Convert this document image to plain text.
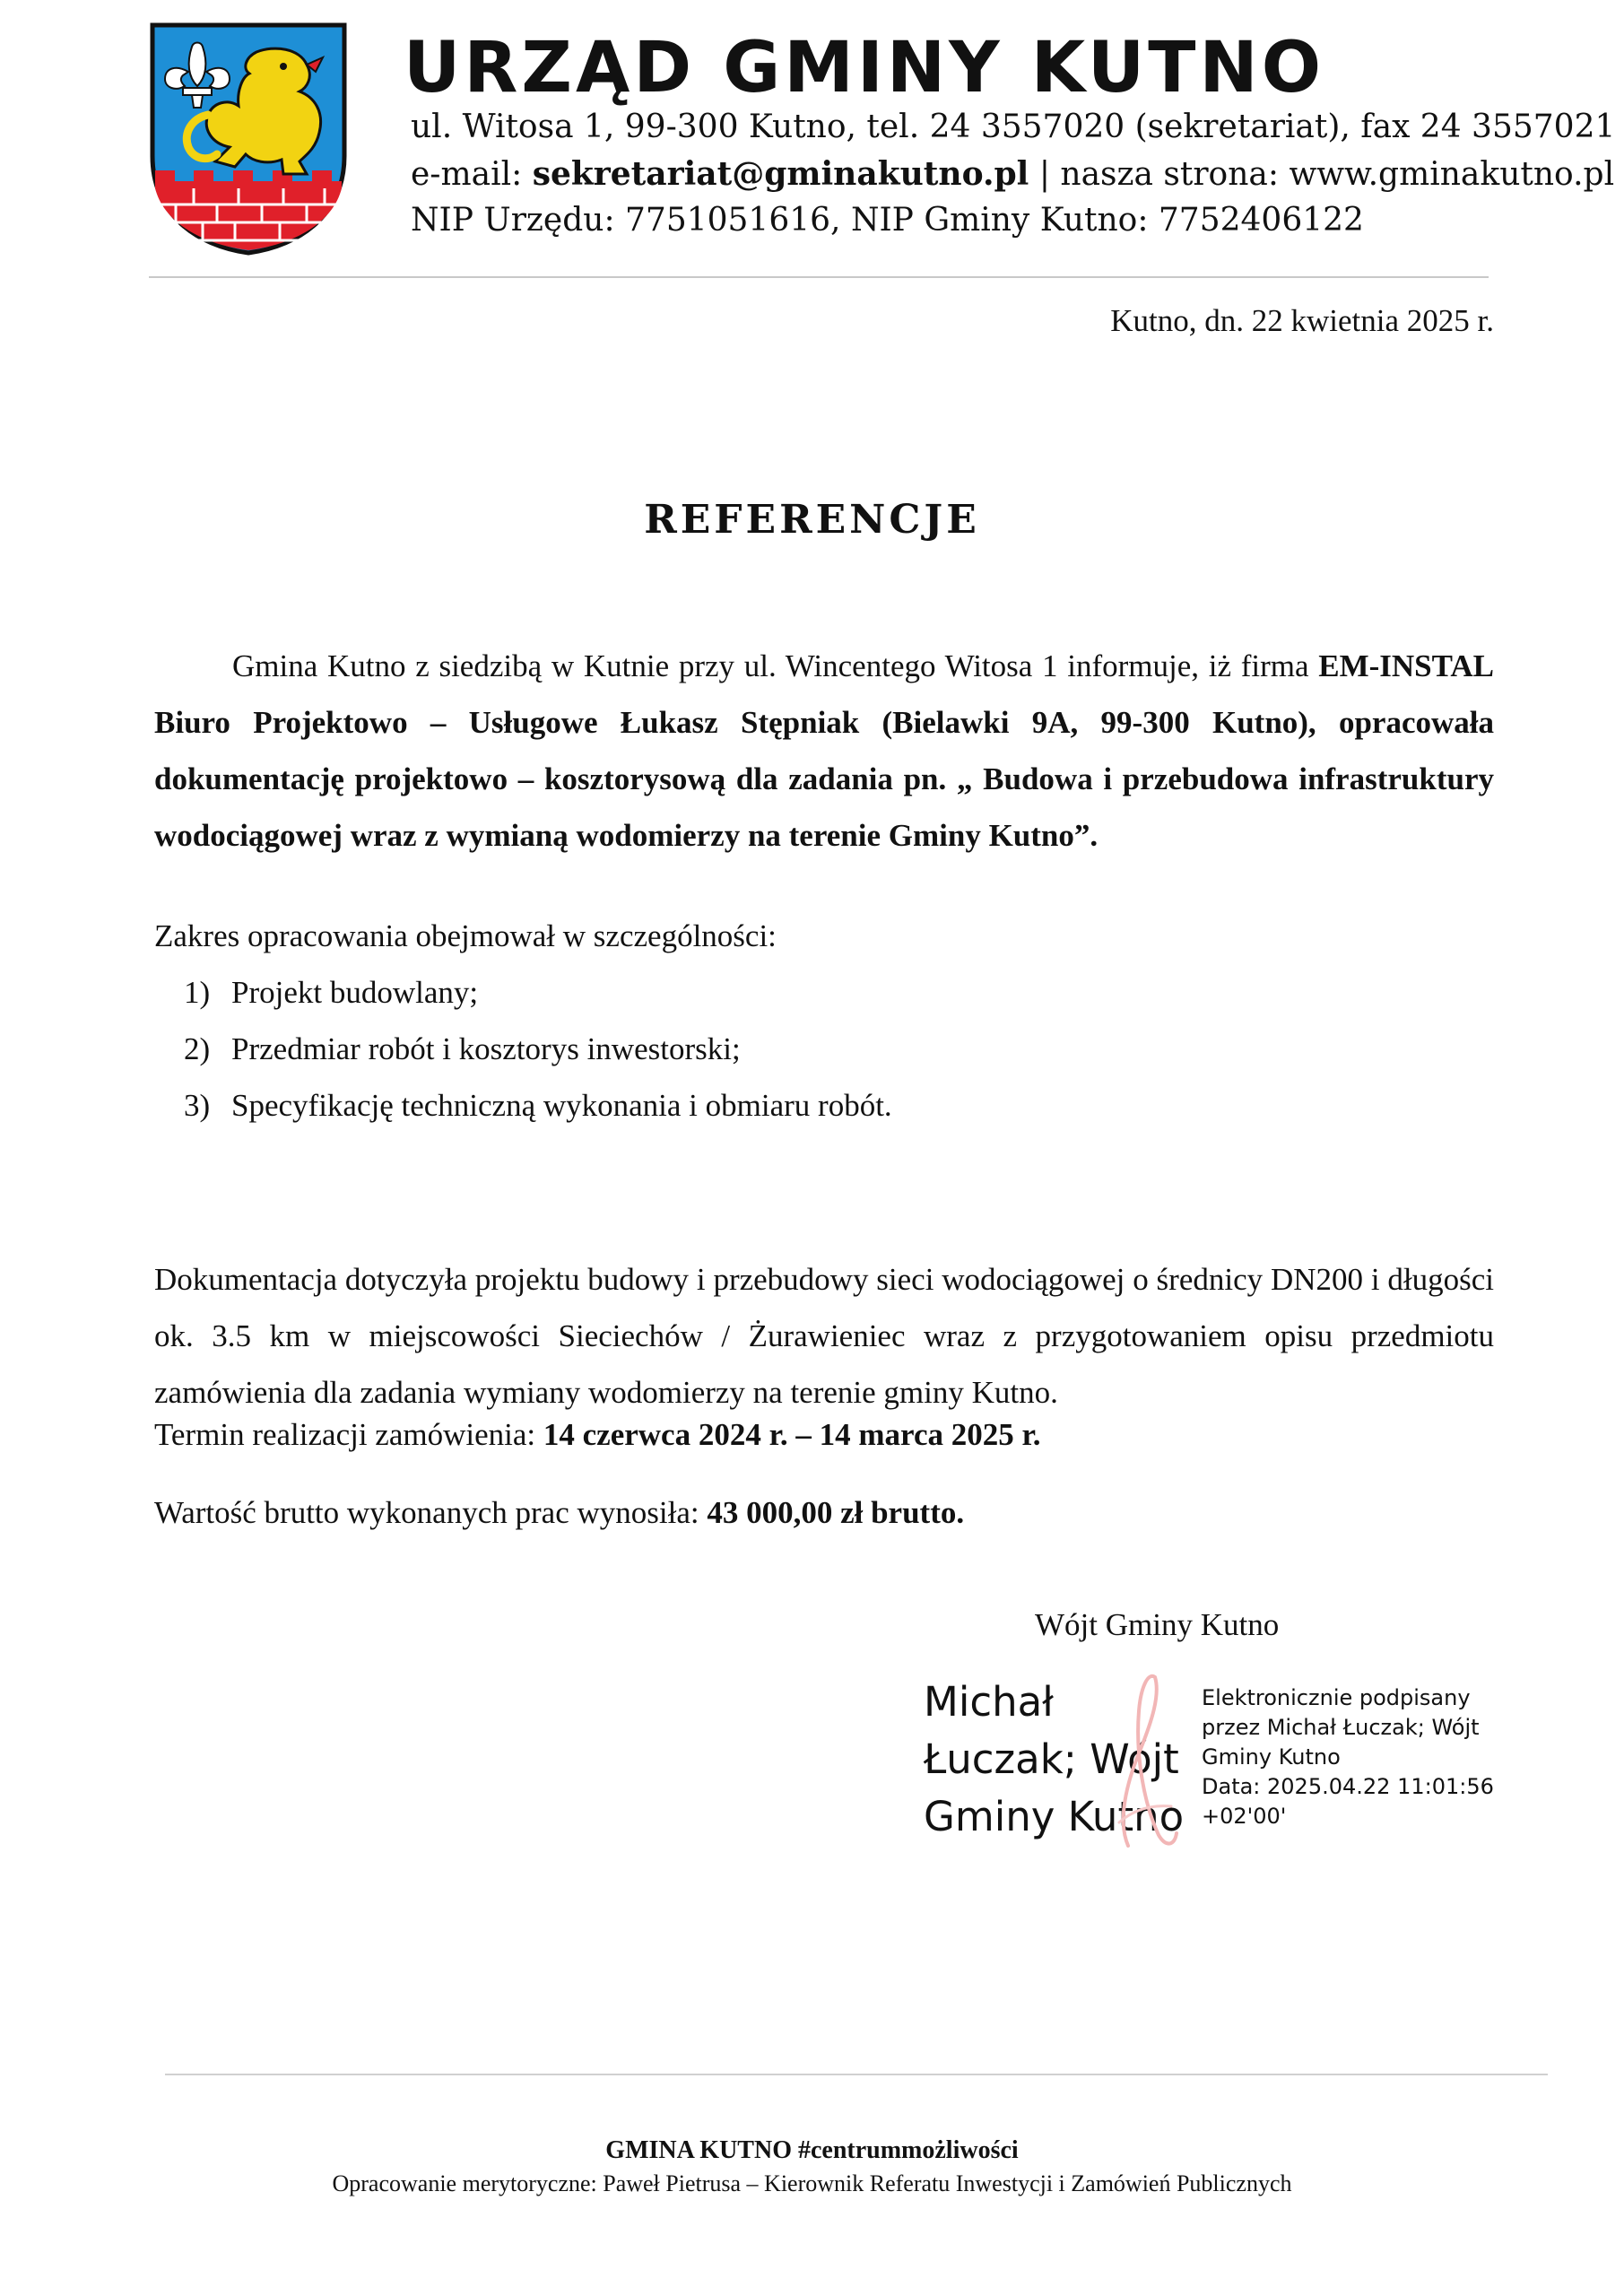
URZĄD GMINY KUTNO
ul. Witosa 1, 99-300 Kutno, tel. 24 3557020 (sekretariat), fax 24 3557021
e-mail: sekretariat@gminakutno.pl | nasza strona: www.gminakutno.pl
NIP Urzędu: 7751051616, NIP Gminy Kutno: 7752406122
Kutno, dn. 22 kwietnia 2025 r.
REFERENCJE

Gmina Kutno z siedzibą w Kutnie przy ul. Wincentego Witosa 1 informuje, iż firma EM-INSTAL Biuro Projektowo – Usługowe Łukasz Stępniak (Bielawki 9A, 99-300 Kutno), opracowała dokumentację projektowo – kosztorysową dla zadania pn. „ Budowa i przebudowa infrastruktury wodociągowej wraz z wymianą wodomierzy na terenie Gminy Kutno”.

Zakres opracowania obejmował w szczególności:
1) Projekt budowlany;
2) Przedmiar robót i kosztorys inwestorski;
3) Specyfikację techniczną wykonania i obmiaru robót.

Dokumentacja dotyczyła projektu budowy i przebudowy sieci wodociągowej o średnicy DN200 i długości ok. 3.5 km w miejscowości Sieciechów / Żurawieniec wraz z przygotowaniem opisu przedmiotu zamówienia dla zadania wymiany wodomierzy na terenie gminy Kutno.

Termin realizacji zamówienia: 14 czerwca 2024 r. – 14 marca 2025 r.
Wartość brutto wykonanych prac wynosiła: 43 000,00 zł brutto.
Wójt Gminy Kutno
Michał
Łuczak; Wójt
Gminy Kutno
Elektronicznie podpisany
przez Michał Łuczak; Wójt
Gminy Kutno
Data: 2025.04.22 11:01:56
+02'00'
GMINA KUTNO #centrummożliwości
Opracowanie merytoryczne: Paweł Pietrusa – Kierownik Referatu Inwestycji i Zamówień Publicznych
